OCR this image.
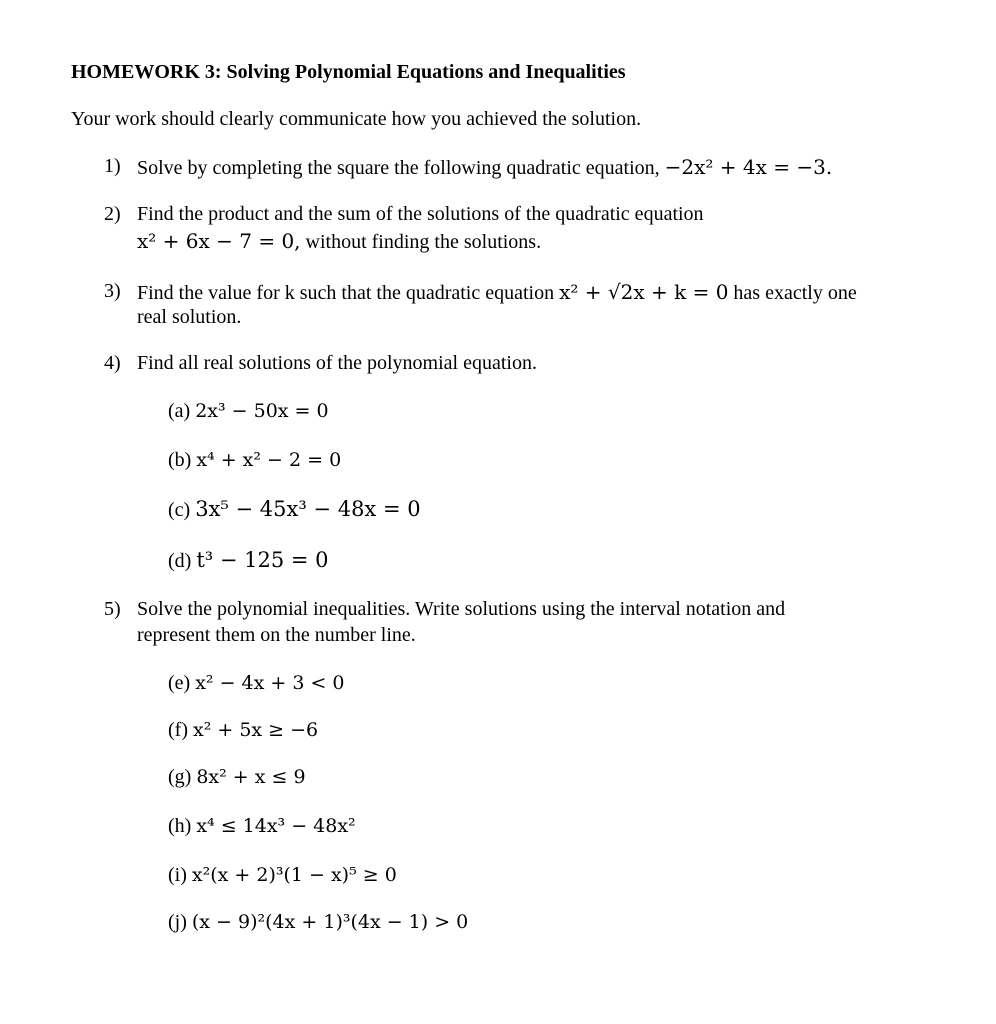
HOMEWORK 3: Solving Polynomial Equations and Inequalities
Your work should clearly communicate how you achieved the solution.
1) Solve by completing the square the following quadratic equation, −2x² + 4x = −3.
2) Find the product and the sum of the solutions of the quadratic equation
x² + 6x − 7 = 0, without finding the solutions.
3) Find the value for k such that the quadratic equation x² + √2x + k = 0 has exactly one
real solution.
4) Find all real solutions of the polynomial equation.
(a) 2x³ − 50x = 0
(b) x⁴ + x² − 2 = 0
(c) 3x⁵ − 45x³ − 48x = 0
(d) t³ − 125 = 0
5) Solve the polynomial inequalities. Write solutions using the interval notation and
represent them on the number line.
(e) x² − 4x + 3 < 0
(f) x² + 5x ≥ −6
(g) 8x² + x ≤ 9
(h) x⁴ ≤ 14x³ − 48x²
(i) x²(x + 2)³(1 − x)⁵ ≥ 0
(j) (x − 9)²(4x + 1)³(4x − 1) > 0
